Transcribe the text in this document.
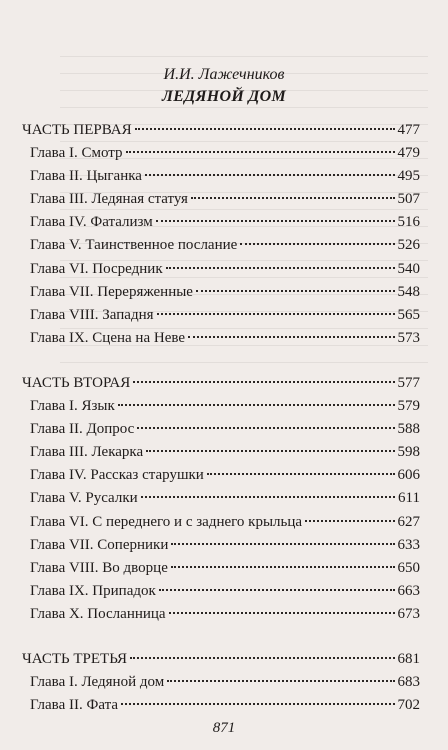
И.И. Лажечников
ЛЕДЯНОЙ ДОМ
ЧАСТЬ ПЕРВАЯ	477
Глава I. Смотр	479
Глава II. Цыганка	495
Глава III. Ледяная статуя	507
Глава IV. Фатализм	516
Глава V. Таинственное послание	526
Глава VI. Посредник	540
Глава VII. Переряженные	548
Глава VIII. Западня	565
Глава IX. Сцена на Неве	573
ЧАСТЬ ВТОРАЯ	577
Глава I. Язык	579
Глава II. Допрос	588
Глава III. Лекарка	598
Глава IV. Рассказ старушки	606
Глава V. Русалки	611
Глава VI. С переднего и с заднего крыльца	627
Глава VII. Соперники	633
Глава VIII. Во дворце	650
Глава IX. Припадок	663
Глава X. Посланница	673
ЧАСТЬ ТРЕТЬЯ	681
Глава I. Ледяной дом	683
Глава II. Фата	702
871
